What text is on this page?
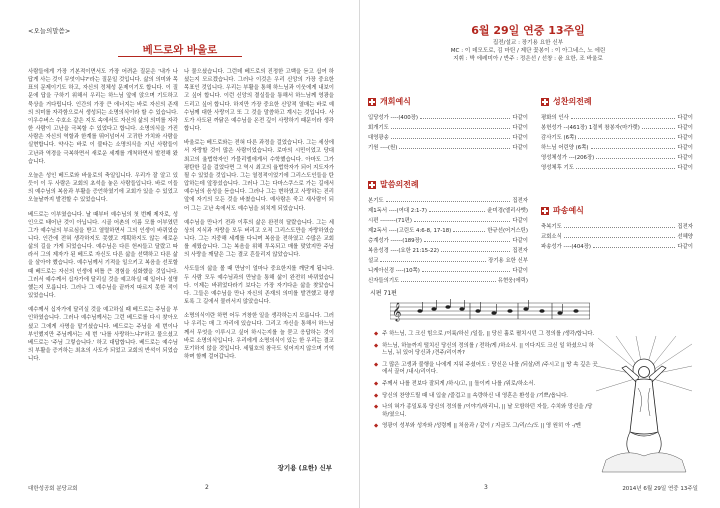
<오늘의말씀>
베드로와 바울로

사람들에게 가장 기본적이면서도 가장 어려운 질문은 '내가 나 답게 사는 것이 무엇이냐?'라는 질문일 것입니다. 삶의 의미와 목표의 문제이기도 하고, 자신의 정체성 문제이기도 합니다. 이 질문에 답을 구하기 위해서 우리는 하느님 앞에 앉으며 기도하고 묵상을 거다립니다. 인간의 가장 큰 에너지는 바로 자신의 존재의 의미를 자각함으로서 생성되는 소명의식이라 할 수 있습니다. 이우수버스 수호소 같은 지도 속에서도 자신의 삶의 의미를 자각한 사람이 고난을 극복할 수 있었다고 합니다. 소명의식을 가진 사람은 자신의 역할과 한계를 뛰어넘어서 고귀한 가치와 사람을 실현합니다. 약사는 바로 이 불타는 소명의식을 지닌 사람들이 고난과 역경을 극복하면서 새로운 세계를 개척하면서 발전해 왔습니다.

오늘은 성인 베드로와 바울로의 축일입니다. 우리가 잘 알고 있듯이 이 두 사람은 교회의 초석을 놓은 사람들입니다. 바로 이들의 예수님의 복음과 부활을 증언하였기에 교회가 있을 수 있었고 오늘날까지 발전할 수 있었습니다.

베드로는 이부였습니다. 날 때부터 예수님의 첫 번째 제자로, 성인으로 태어난 것이 아닙니다. 시골 어촌의 이름 모를 어부였던 그가 예수님의 부르심을 받고 열렬하면서 그의 인생이 바뀌었습니다. 인간에 전혀 생각하지도 못했고 계획하지도 않는 새로운 삶의 길을 가게 되었습니다. 예수님은 다른 헌씨들고 달랐고 따라서 그의 제자가 된 베드로 자신도 다른 삶을 선택하고 다른 삶을 살아야 했습니다. 예수님께서 기적을 일으키고 복음을 선포할 때 베드로는 자신의 인생에 비틀 큰 경험을 심화했을 것입니다. 그러서 예수께서 십자가에 달리실 것을 예고하실 때 일어나 설명했는지 모릅니다. 그러나 그 예수님을 끝까지 따르지 못한 적이 있었습니다.

예수께서 십자가에 달리실 것을 예고하실 때 베드로는 주님을 부인하였습니다. 그러나 예수님께서는 그런 베드로를 다시 찾아오셨고 그에게 사명을 맡기셨습니다. 베드로는 주님을 세 번이나 부인했지만 주님께서는 세 번 '나를 사랑하느냐?'하고 물으셨고 베드로는 '주님 그렇습니다.' 하고 대답합니다. 베드로는 예수님의 부활을 증거하는 최초의 사도가 되었고 교회의 반석이 되었습니다.

나 물으셨습니다. 그런데 베드로의 진정한 고백을 듣고 십여 하셨는지 모르겠습니다. 그러나 이것은 우리 신앙의 가장 중요한 목표인 것입니다. 우리는 부활을 통해 하느님과 이웃에게 내보이고 싶어 합니다. 이런 신앙의 결실들을 통해서 하느님께 영광을 드리고 싶어 합니다. 하지만 가장 중요한 신앙적 열매는 바로 예수님께 대한 사랑이고 또 그 것을 말씀하고 계시는 것입니다. 사도가 사도된 까닭은 예수님을 온전 깊이 사랑하기 때문이라 생각합니다.

바울로는 베드로와는 전혀 다른 과정을 걸었습니다. 그는 세상에서 자랑할 것이 많은 사람이었습니다. 로마의 시민이었고 당대 최고의 율법학자인 가믈리엘에게서 수학했습니다. 아마도 그가 평탄한 길을 걸었다면 그 역시 최고의 율법학자가 되어 지도자가 될 수 있었을 것입니다. 그는 열정적이었기에 그리스도인들을 탄압하는데 앞장섰습니다. 그러나 그는 다마스쿠스로 가는 길에서 예수님의 음성을 듣습니다. 그러나 그는 변하였고 사랑하는 진리 앞에 자기의 모든 것을 바쳤습니다. 예사람은 죽고 새사람이 되어 그는 고난 속에서도 예수님을 외치게 되었습니다.

예수님을 만나기 전과 이후의 삶은 완전히 달랐습니다. 그는 세상의 지식과 자랑을 모두 버리고 오직 그리스도만을 자랑하였습니다. 그는 지중해 세계를 다니며 복음을 전하였고 수많은 교회를 세웠습니다. 그는 복음을 위해 투옥되고 매를 맞았지만 주님의 사랑을 깨달은 그는 결코 흔들리지 않았습니다.

사도들의 삶을 볼 때 만남이 얼마나 중요한지를 깨닫게 됩니다. 두 사람 모두 예수님과의 만남을 통해 삶이 완전히 바뀌었습니다. 이제는 바뀌었다라기 보다는 가장 자기다운 삶을 찾았습니다. 그들은 예수님을 만나 자신의 존재의 의미를 발견했고 평생토록 그 길에서 물러서지 않았습니다.

소명의식이란 하면 어두 거창한 일을 생각하는지 모릅니다. 그러나 우리는 매 그 자리에 있습니다. 그리고 자신을 통해서 하느님께서 무엇을 이루시고 싶어 하시는지를 늘 묻고 응답하는 것이 바로 소명의식입니다. 우리에게 소명의식이 있는 한 우리는 결코 포기하지 않을 것입니다. 세월호의 참극도 잊어지지 않으며 기억하며 함께 걸어갑니다.

장기용 (요한) 신부
대한성공회 분당교회	2
6월 29일 연중 13주일
집전/설교 : 장기용 요한 신부
MC : 이 데모도로, 김 마틴 / 제단 꽃봉이 : 이 아그네스, 노 에린
지휘 : 박 에레미아 / 반주 : 정은선 / 선창 : 윤 요한, 조 바울로
개회예식
입당성가 ----(400장)	다같이
회개기도	다같이
대영광송	다같이
기원 ----(원)	다같이
말씀의전례
본기도	집전자
제1독서 ----(여대 2:1-7)	윤미경(엘리사벳)
시편 --------(71편)	다같이
제2독서 ----(고린도 4:6-8, 17-18)	한규선(어거스틴)
층계성가 ------(189장)	다같이
복음성경 ----(요한 21:15-22)	집전자
설교	장기용 요한 신부
니케아신경 ----(10쪽)	다같이
신자들의기도	유현웅(에릭)
성찬의전례
평화의 인사	다같이
봉헌성가 --(461장) 1절씩 참봉자(마가렛)	다같이
감사기도 (6쪽)	다같이
하느님 어린양 (6쪽)	다같이
영성체성가 ---(206장)	다같이
영성체후 기도	다같이
파송예식
축복기도	집전자
교회소식	선혜양
파송성가 ----(404장)	다같이
시편 71편
𝄞
◆ 주 하느님, 그 크신 힘으로 /이륙/하신 /일들, || 당신 흘로 펼치시던 그 정의를 /생각/합니다.
◆ 하느님, 하늘까지 떨치신 당신의 정의를 / 전하/게 /하소서. || 이다지도 크신 일 하셨으니 하느님, 뉘 있어 당신과 /견주/리이까?
◆ 그 많은 고생과 불행을 나에게 지워 주셨어도 : 당신은 나를 /되살/려 /주시고 || 땅 속 깊은 곳에서 끌어 /내시/리이다.
◆ 주께서 나를 전보다 잘되게 /하시/고, || 돌이켜 나를 /위로/하소서.
◆ 당신의 찬양드릴 때 내 입술 /즐겁고 || 속량하신 내 영혼은 환성을 /기쁘/옵니다.
◆ 나의 혀가 종일토록 당신의 정의를 /이야기/하리니, || 날 모함하던 자들, 수치와 망신을 /당하/였으니.
◆ 영광이 성부와 성자와 /성령께 || 처음과 / 같이 / 지금도 그/리/스/도 || 영 원히 아 -/멘
3	2014년 6월 29일 연중 13주일
